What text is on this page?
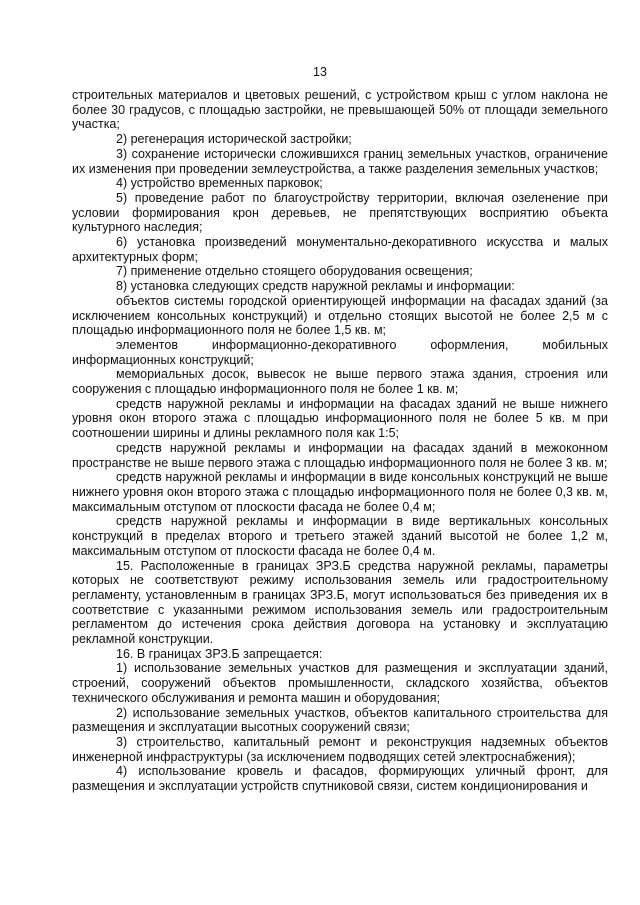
13

строительных материалов и цветовых решений, с устройством крыш с углом наклона не более 30 градусов, с площадью застройки, не превышающей 50% от площади земельного участка;

2) регенерация исторической застройки;

3) сохранение исторически сложившихся границ земельных участков, ограничение их изменения при проведении землеустройства, а также разделения земельных участков;

4) устройство временных парковок;

5) проведение работ по благоустройству территории, включая озеленение при условии формирования крон деревьев, не препятствующих восприятию объекта культурного наследия;

6) установка произведений монументально-декоративного искусства и малых архитектурных форм;

7) применение отдельно стоящего оборудования освещения;

8) установка следующих средств наружной рекламы и информации:

объектов системы городской ориентирующей информации на фасадах зданий (за исключением консольных конструкций) и отдельно стоящих высотой не более 2,5 м с площадью информационного поля не более 1,5 кв. м;

элементов информационно-декоративного оформления, мобильных информационных конструкций;

мемориальных досок, вывесок не выше первого этажа здания, строения или сооружения с площадью информационного поля не более 1 кв. м;

средств наружной рекламы и информации на фасадах зданий не выше нижнего уровня окон второго этажа с площадью информационного поля не более 5 кв. м при соотношении ширины и длины рекламного поля как 1:5;

средств наружной рекламы и информации на фасадах зданий в межоконном пространстве не выше первого этажа с площадью информационного поля не более 3 кв. м;

средств наружной рекламы и информации в виде консольных конструкций не выше нижнего уровня окон второго этажа с площадью информационного поля не более 0,3 кв. м, максимальным отступом от плоскости фасада не более 0,4 м;

средств наружной рекламы и информации в виде вертикальных консольных конструкций в пределах второго и третьего этажей зданий высотой не более 1,2 м, максимальным отступом от плоскости фасада не более 0,4 м.

15. Расположенные в границах ЗРЗ.Б средства наружной рекламы, параметры которых не соответствуют режиму использования земель или градостроительному регламенту, установленным в границах ЗРЗ.Б, могут использоваться без приведения их в соответствие с указанными режимом использования земель или градостроительным регламентом до истечения срока действия договора на установку и эксплуатацию рекламной конструкции.

16. В границах ЗРЗ.Б запрещается:

1) использование земельных участков для размещения и эксплуатации зданий, строений, сооружений объектов промышленности, складского хозяйства, объектов технического обслуживания и ремонта машин и оборудования;

2) использование земельных участков, объектов капитального строительства для размещения и эксплуатации высотных сооружений связи;

3) строительство, капитальный ремонт и реконструкция надземных объектов инженерной инфраструктуры (за исключением подводящих сетей электроснабжения);

4) использование кровель и фасадов, формирующих уличный фронт, для размещения и эксплуатации устройств спутниковой связи, систем кондиционирования и
